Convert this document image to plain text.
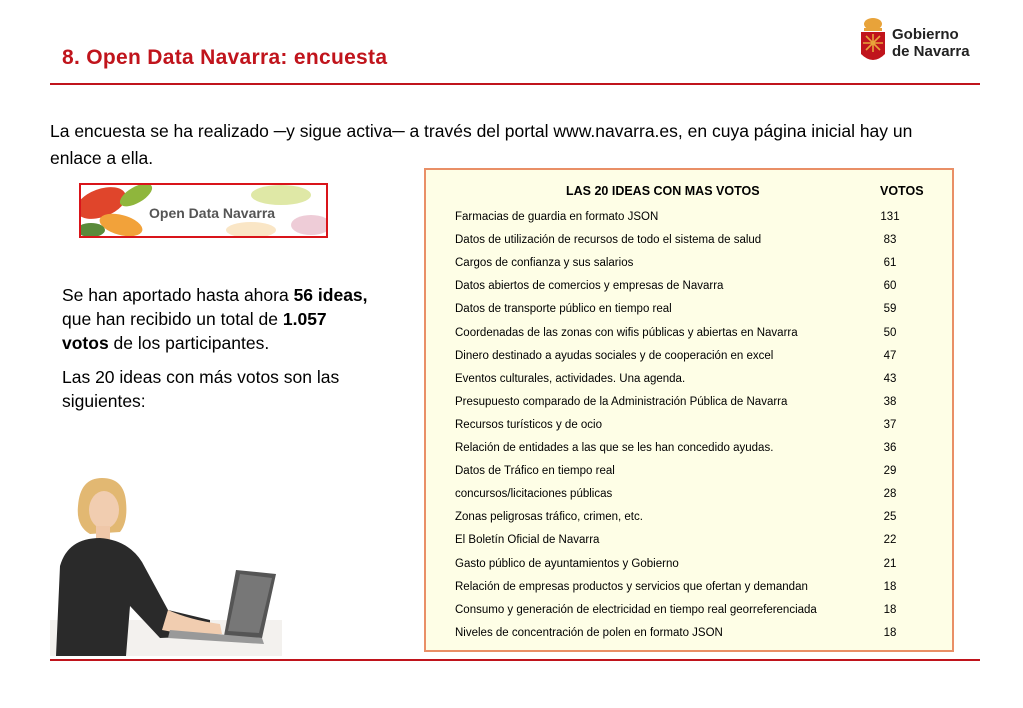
8. Open Data Navarra: encuesta
Gobierno
de Navarra
La encuesta se ha realizado ─y sigue activa─ a través del portal www.navarra.es, en cuya página inicial hay un enlace a ella.
Open Data Navarra

Se han aportado hasta ahora 56 ideas, que han recibido un total de 1.057 votos de los participantes.

Las 20 ideas con más votos son las siguientes:

LAS 20 IDEAS CON MAS VOTOS	VOTOS
Farmacias de guardia en formato JSON	131
Datos de utilización de recursos de todo el sistema de salud	83
Cargos de confianza y sus salarios	61
Datos abiertos de comercios y empresas de Navarra	60
Datos de transporte público en tiempo real	59
Coordenadas de las zonas con wifis públicas y abiertas en Navarra	50
Dinero destinado a ayudas sociales y de cooperación en excel	47
Eventos culturales, actividades. Una agenda.	43
Presupuesto comparado de la Administración Pública de Navarra	38
Recursos turísticos y de ocio	37
Relación de entidades a las que se les han concedido ayudas.	36
Datos de Tráfico en tiempo real	29
concursos/licitaciones públicas	28
Zonas peligrosas tráfico, crimen, etc.	25
El Boletín Oficial de Navarra	22
Gasto público de ayuntamientos y Gobierno	21
Relación de empresas productos y servicios que ofertan y demandan	18
Consumo y generación de electricidad en tiempo real georreferenciada	18
Niveles de concentración de polen en formato JSON	18
